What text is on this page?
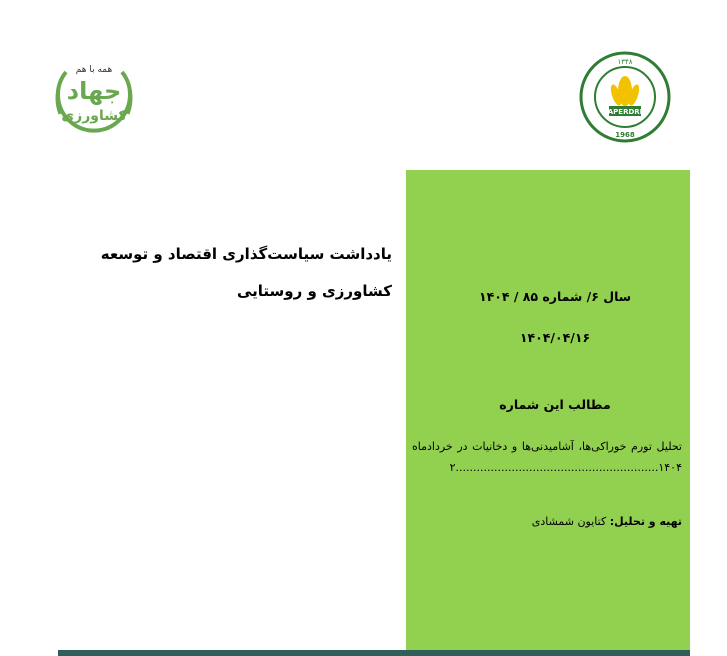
همه با هم
جهاد
کشاورزی	APERDRI
۱۳۴۸
1968
یادداشت سیاست‌گذاری اقتصاد و توسعه کشاورزی و روستایی	سال ۶/ شماره ۸۵ / ۱۴۰۴
۱۴۰۴/۰۴/۱۶
مطالب این شماره
تحلیل تورم خوراکی‌ها، آشامیدنی‌ها و دخانیات در خردادماه ۱۴۰۴..........................................................۲
تهیه و تحلیل: کتایون شمشادی
